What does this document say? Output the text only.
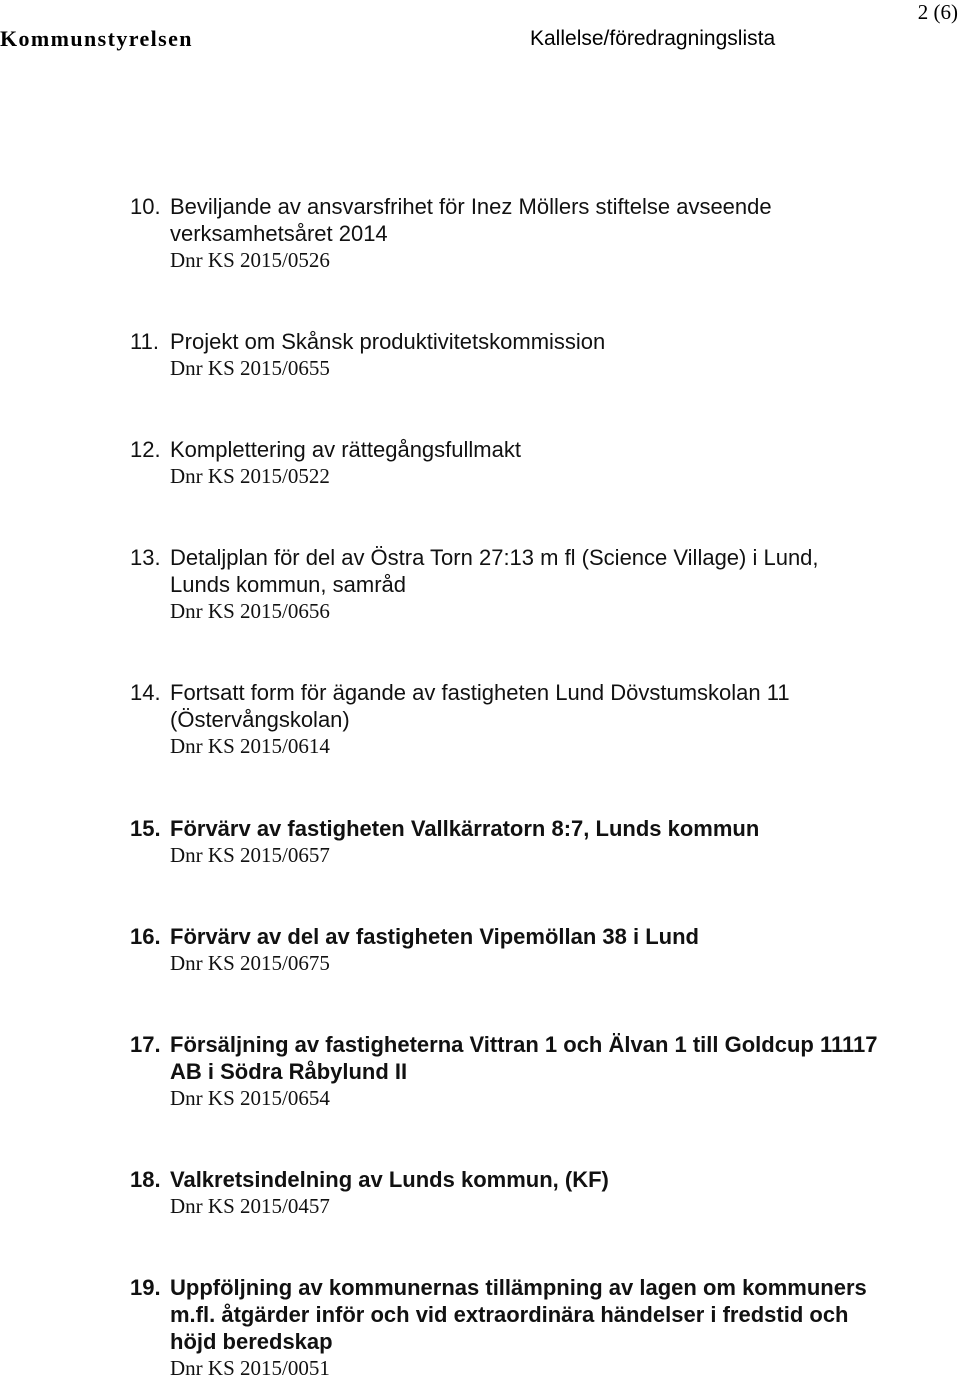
2 (6)
Kommunstyrelsen	Kallelse/föredragningslista
10. Beviljande av ansvarsfrihet för Inez Möllers stiftelse avseende
verksamhetsåret 2014
Dnr KS 2015/0526
11. Projekt om Skånsk produktivitetskommission
Dnr KS 2015/0655
12. Komplettering av rättegångsfullmakt
Dnr KS 2015/0522
13. Detaljplan för del av Östra Torn 27:13 m fl (Science Village) i Lund,
Lunds kommun, samråd
Dnr KS 2015/0656
14. Fortsatt form för ägande av fastigheten Lund Dövstumskolan 11
(Östervångskolan)
Dnr KS 2015/0614
15. Förvärv av fastigheten Vallkärratorn 8:7, Lunds kommun
Dnr KS 2015/0657
16. Förvärv av del av fastigheten Vipemöllan 38 i Lund
Dnr KS 2015/0675
17. Försäljning av fastigheterna Vittran 1 och Älvan 1 till Goldcup 11117
AB i Södra Råbylund II
Dnr KS 2015/0654
18. Valkretsindelning av Lunds kommun, (KF)
Dnr KS 2015/0457
19. Uppföljning av kommunernas tillämpning av lagen om kommuners
m.fl. åtgärder inför och vid extraordinära händelser i fredstid och
höjd beredskap
Dnr KS 2015/0051
